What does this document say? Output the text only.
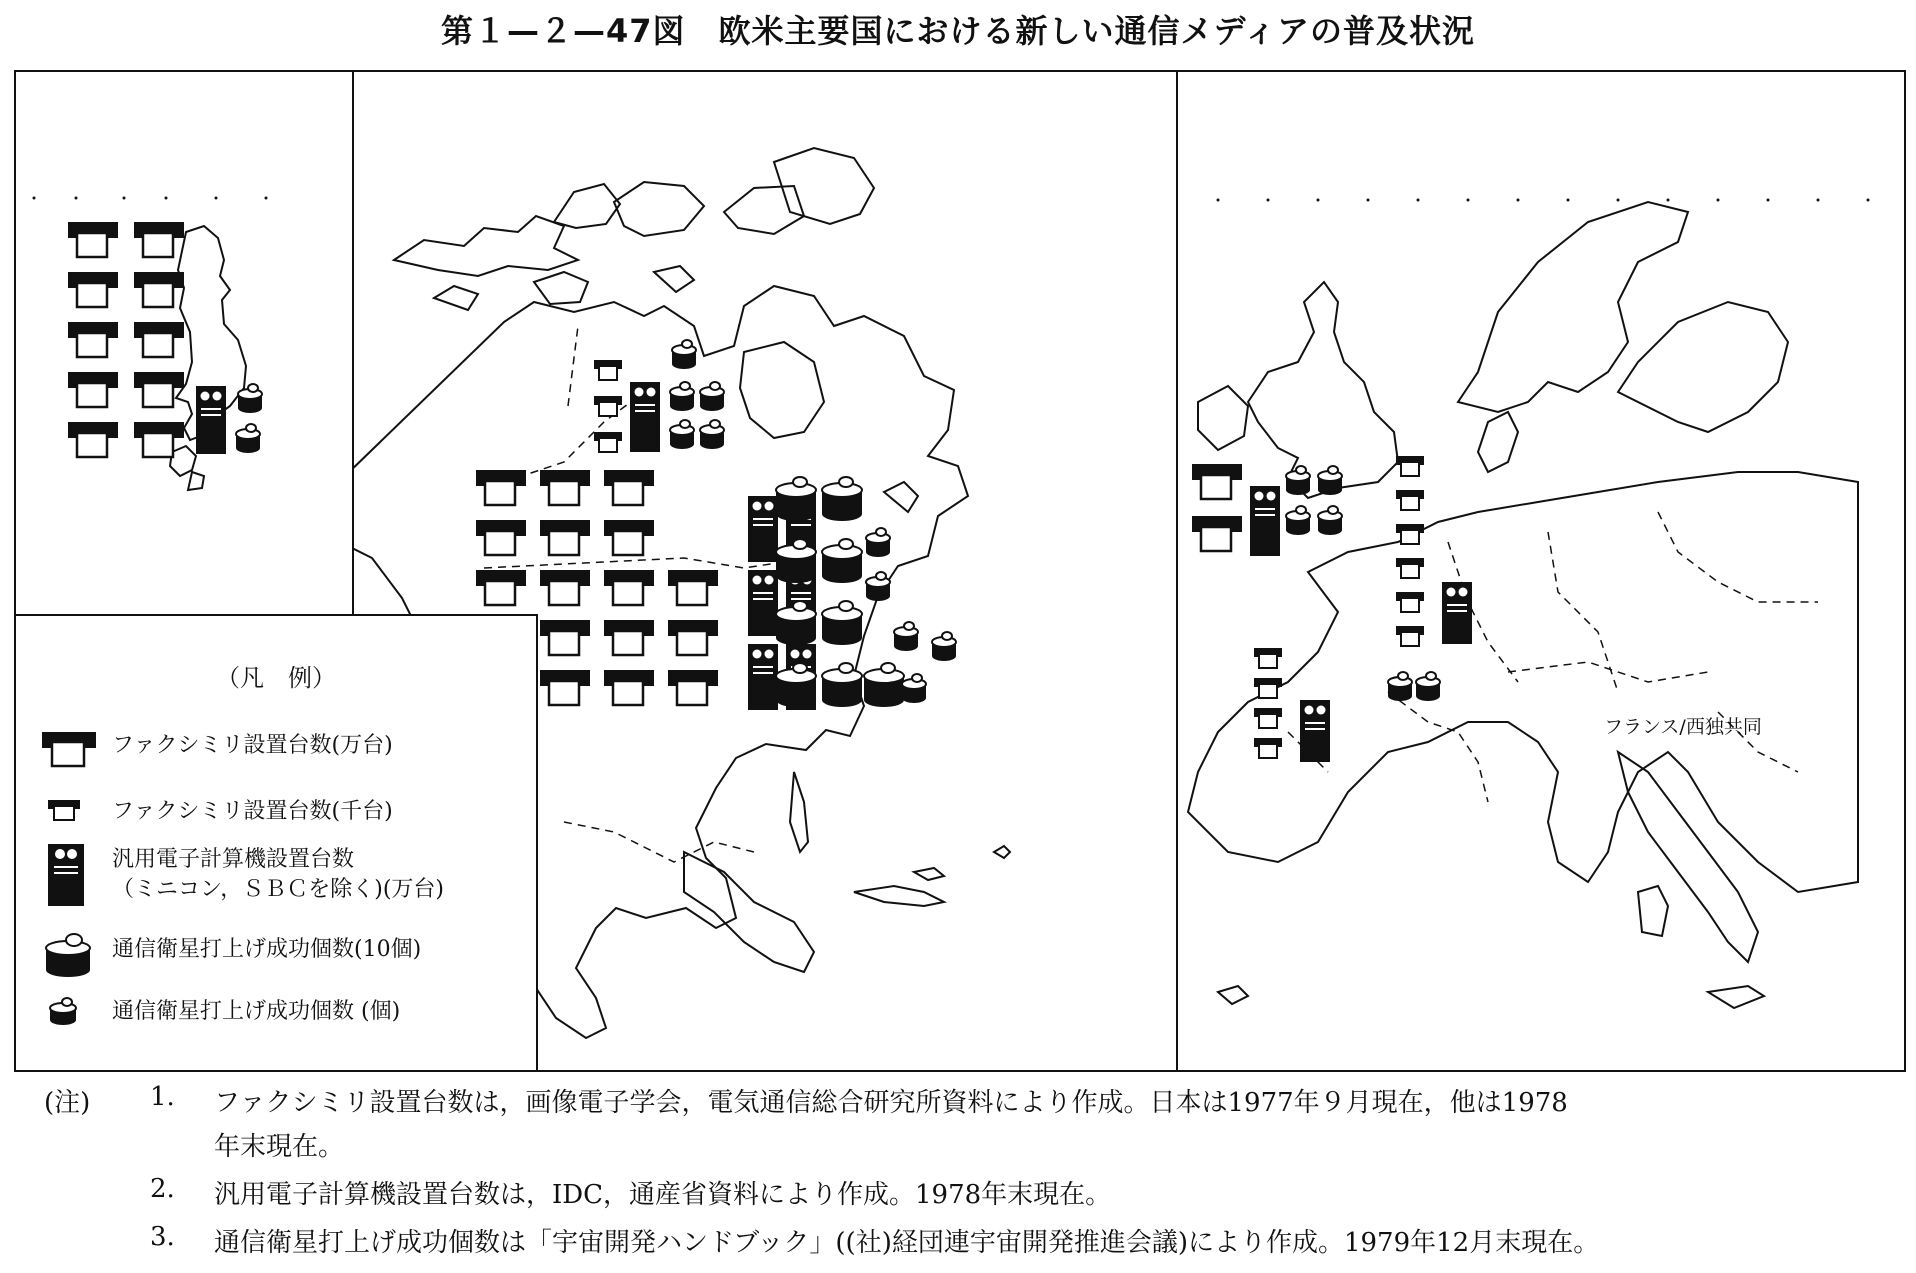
第１—２—47図　欧米主要国における新しい通信メディアの普及状況
フランス/西独共同
（凡　例）
ファクシミリ設置台数(万台)
ファクシミリ設置台数(千台)
汎用電子計算機設置台数
（ミニコン，ＳＢＣを除く)(万台)
通信衛星打上げ成功個数(10個)
通信衛星打上げ成功個数 (個)
(注) 1. ファクシミリ設置台数は，画像電子学会，電気通信総合研究所資料により作成。日本は1977年９月現在，他は1978
年末現在。
2. 汎用電子計算機設置台数は，IDC，通産省資料により作成。1978年末現在。
3. 通信衛星打上げ成功個数は「宇宙開発ハンドブック」((社)経団連宇宙開発推進会議)により作成。1979年12月末現在。
